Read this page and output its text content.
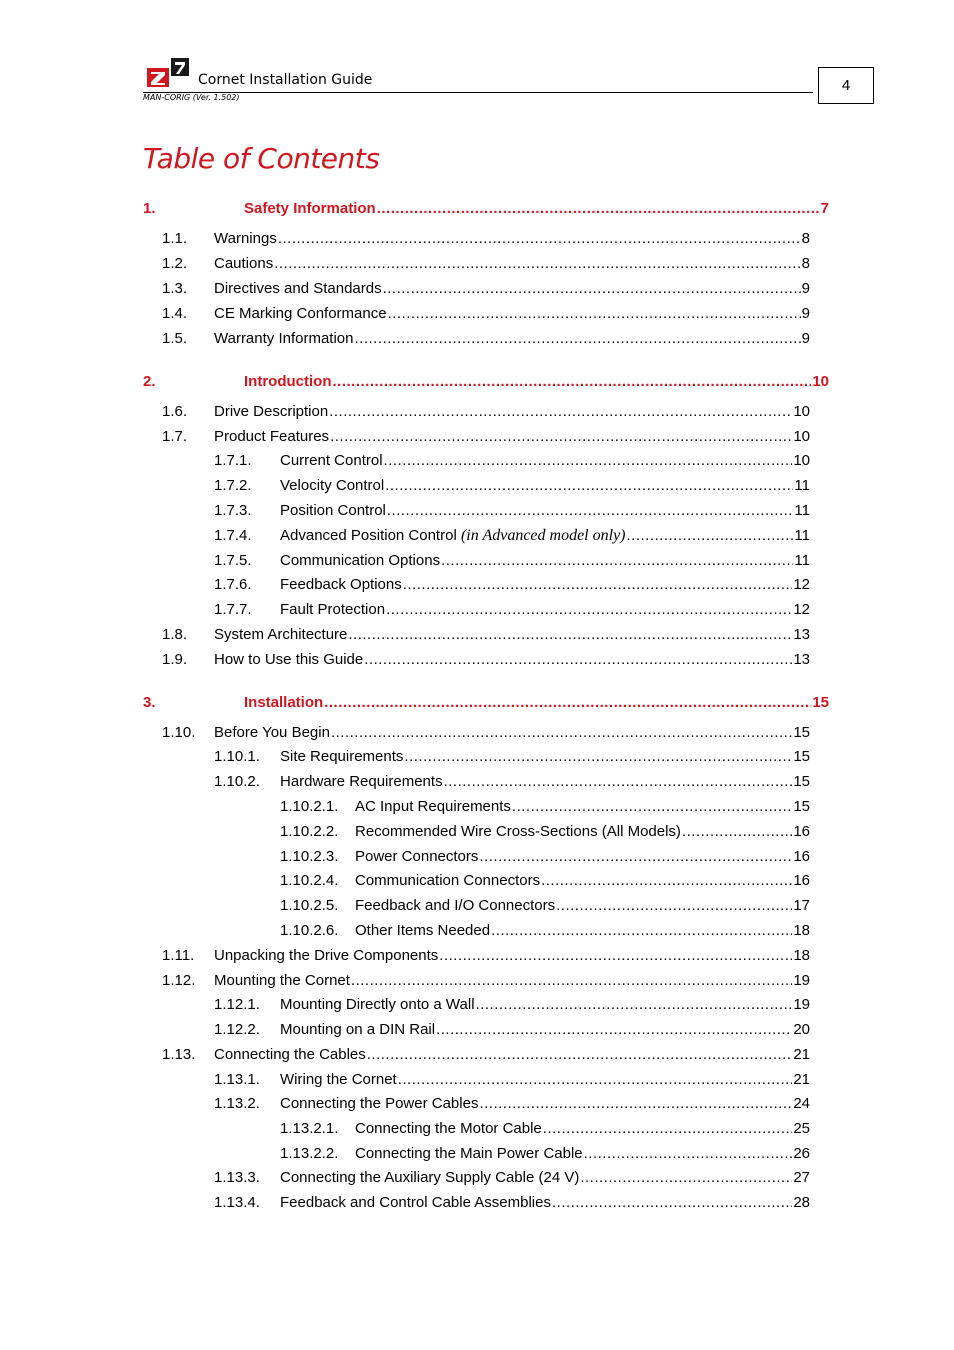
Cornet Installation Guide
MAN-CORIG (Ver. 1.502)
4
Table of Contents
1.	Safety Information .....	7
1.1. Warnings .....	8
1.2. Cautions .....	8
1.3. Directives and Standards .....	9
1.4. CE Marking Conformance .....	9
1.5. Warranty Information .....	9
2.	Introduction .....	10
1.6. Drive Description .....	10
1.7. Product Features .....	10
1.7.1. Current Control .....	10
1.7.2. Velocity Control .....	11
1.7.3. Position Control .....	11
1.7.4. Advanced Position Control (in Advanced model only) .....	11
1.7.5. Communication Options .....	11
1.7.6. Feedback Options .....	12
1.7.7. Fault Protection .....	12
1.8. System Architecture .....	13
1.9. How to Use this Guide .....	13
3.	Installation .....	15
1.10. Before You Begin .....	15
1.10.1. Site Requirements .....	15
1.10.2. Hardware Requirements .....	15
1.10.2.1. AC Input Requirements .....	15
1.10.2.2. Recommended Wire Cross-Sections (All Models) .....	16
1.10.2.3. Power Connectors .....	16
1.10.2.4. Communication Connectors .....	16
1.10.2.5. Feedback and I/O Connectors .....	17
1.10.2.6. Other Items Needed .....	18
1.11. Unpacking the Drive Components .....	18
1.12. Mounting the Cornet .....	19
1.12.1. Mounting Directly onto a Wall .....	19
1.12.2. Mounting on a DIN Rail .....	20
1.13. Connecting the Cables .....	21
1.13.1. Wiring the Cornet .....	21
1.13.2. Connecting the Power Cables .....	24
1.13.2.1. Connecting the Motor Cable .....	25
1.13.2.2. Connecting the Main Power Cable .....	26
1.13.3. Connecting the Auxiliary Supply Cable (24 V) .....	27
1.13.4. Feedback and Control Cable Assemblies .....	28
